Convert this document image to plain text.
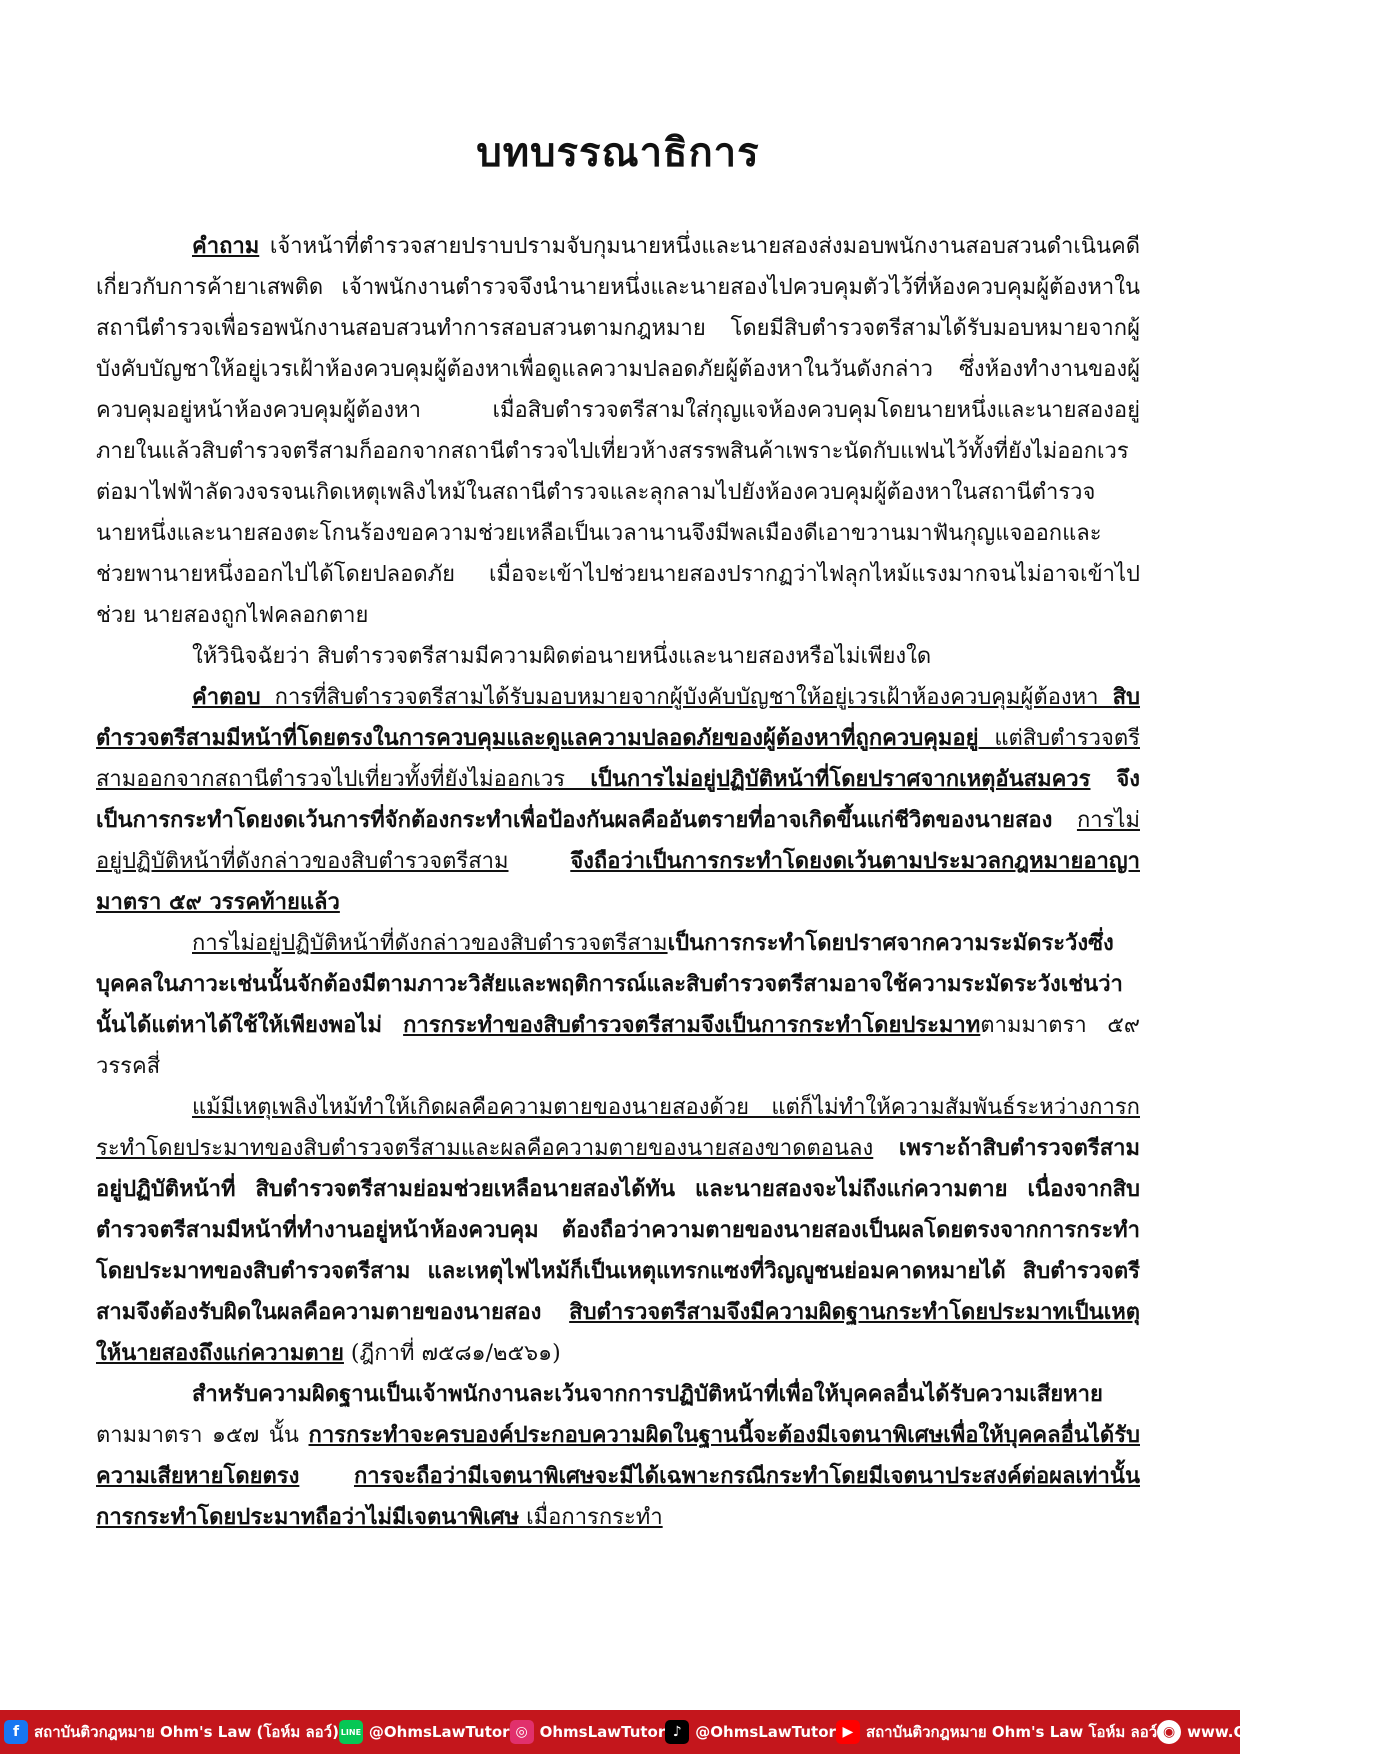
บทบรรณาธิการ

คำถาม เจ้าหน้าที่ตำรวจสายปราบปรามจับกุมนายหนึ่งและนายสองส่งมอบพนักงานสอบสวนดำเนินคดีเกี่ยวกับการค้ายาเสพติด เจ้าพนักงานตำรวจจึงนำนายหนึ่งและนายสองไปควบคุมตัวไว้ที่ห้องควบคุมผู้ต้องหาในสถานีตำรวจเพื่อรอพนักงานสอบสวนทำการสอบสวนตามกฎหมาย โดยมีสิบตำรวจตรีสามได้รับมอบหมายจากผู้บังคับบัญชาให้อยู่เวรเฝ้าห้องควบคุมผู้ต้องหาเพื่อดูแลความปลอดภัยผู้ต้องหาในวันดังกล่าว ซึ่งห้องทำงานของผู้ควบคุมอยู่หน้าห้องควบคุมผู้ต้องหา เมื่อสิบตำรวจตรีสามใส่กุญแจห้องควบคุมโดยนายหนึ่งและนายสองอยู่ภายในแล้วสิบตำรวจตรีสามก็ออกจากสถานีตำรวจไปเที่ยวห้างสรรพสินค้าเพราะนัดกับแฟนไว้ทั้งที่ยังไม่ออกเวร ต่อมาไฟฟ้าลัดวงจรจนเกิดเหตุเพลิงไหม้ในสถานีตำรวจและลุกลามไปยังห้องควบคุมผู้ต้องหาในสถานีตำรวจ นายหนึ่งและนายสองตะโกนร้องขอความช่วยเหลือเป็นเวลานานจึงมีพลเมืองดีเอาขวานมาฟันกุญแจออกและช่วยพานายหนึ่งออกไปได้โดยปลอดภัย เมื่อจะเข้าไปช่วยนายสองปรากฏว่าไฟลุกไหม้แรงมากจนไม่อาจเข้าไปช่วย นายสองถูกไฟคลอกตาย

ให้วินิจฉัยว่า สิบตำรวจตรีสามมีความผิดต่อนายหนึ่งและนายสองหรือไม่เพียงใด

คำตอบ การที่สิบตำรวจตรีสามได้รับมอบหมายจากผู้บังคับบัญชาให้อยู่เวรเฝ้าห้องควบคุมผู้ต้องหา สิบตำรวจตรีสามมีหน้าที่โดยตรงในการควบคุมและดูแลความปลอดภัยของผู้ต้องหาที่ถูกควบคุมอยู่ แต่สิบตำรวจตรีสามออกจากสถานีตำรวจไปเที่ยวทั้งที่ยังไม่ออกเวร เป็นการไม่อยู่ปฏิบัติหน้าที่โดยปราศจากเหตุอันสมควร จึงเป็นการกระทำโดยงดเว้นการที่จักต้องกระทำเพื่อป้องกันผลคืออันตรายที่อาจเกิดขึ้นแก่ชีวิตของนายสอง การไม่อยู่ปฏิบัติหน้าที่ดังกล่าวของสิบตำรวจตรีสาม	จึงถือว่าเป็นการกระทำโดยงดเว้นตามประมวลกฎหมายอาญามาตรา ๕๙ วรรคท้ายแล้ว

การไม่อยู่ปฏิบัติหน้าที่ดังกล่าวของสิบตำรวจตรีสามเป็นการกระทำโดยปราศจากความระมัดระวังซึ่งบุคคลในภาวะเช่นนั้นจักต้องมีตามภาวะวิสัยและพฤติการณ์และสิบตำรวจตรีสามอาจใช้ความระมัดระวังเช่นว่านั้นได้แต่หาได้ใช้ให้เพียงพอไม่ การกระทำของสิบตำรวจตรีสามจึงเป็นการกระทำโดยประมาทตามมาตรา ๕๙ วรรคสี่

แม้มีเหตุเพลิงไหม้ทำให้เกิดผลคือความตายของนายสองด้วย แต่ก็ไม่ทำให้ความสัมพันธ์ระหว่างการกระทำโดยประมาทของสิบตำรวจตรีสามและผลคือความตายของนายสองขาดตอนลง เพราะถ้าสิบตำรวจตรีสามอยู่ปฏิบัติหน้าที่ สิบตำรวจตรีสามย่อมช่วยเหลือนายสองได้ทัน และนายสองจะไม่ถึงแก่ความตาย เนื่องจากสิบตำรวจตรีสามมีหน้าที่ทำงานอยู่หน้าห้องควบคุม ต้องถือว่าความตายของนายสองเป็นผลโดยตรงจากการกระทำโดยประมาทของสิบตำรวจตรีสาม และเหตุไฟไหม้ก็เป็นเหตุแทรกแซงที่วิญญูชนย่อมคาดหมายได้ สิบตำรวจตรีสามจึงต้องรับผิดในผลคือความตายของนายสอง สิบตำรวจตรีสามจึงมีความผิดฐานกระทำโดยประมาทเป็นเหตุให้นายสองถึงแก่ความตาย (ฎีกาที่ ๗๕๘๑/๒๕๖๑)

สำหรับความผิดฐานเป็นเจ้าพนักงานละเว้นจากการปฏิบัติหน้าที่เพื่อให้บุคคลอื่นได้รับความเสียหายตามมาตรา ๑๕๗ นั้น การกระทำจะครบองค์ประกอบความผิดในฐานนี้จะต้องมีเจตนาพิเศษเพื่อให้บุคคลอื่นได้รับความเสียหายโดยตรง การจะถือว่ามีเจตนาพิเศษจะมีได้เฉพาะกรณีกระทำโดยมีเจตนาประสงค์ต่อผลเท่านั้น การกระทำโดยประมาทถือว่าไม่มีเจตนาพิเศษ เมื่อการกระทำ

f สถาบันติวกฎหมาย Ohm's Law (โอห์ม ลอว์) LINE @OhmsLawTutor ◎ OhmsLawTutor ♪ @OhmsLawTutor ▶ สถาบันติวกฎหมาย Ohm's Law โอห์ม ลอว์ ◉ www.OhmsLawTutor.com
